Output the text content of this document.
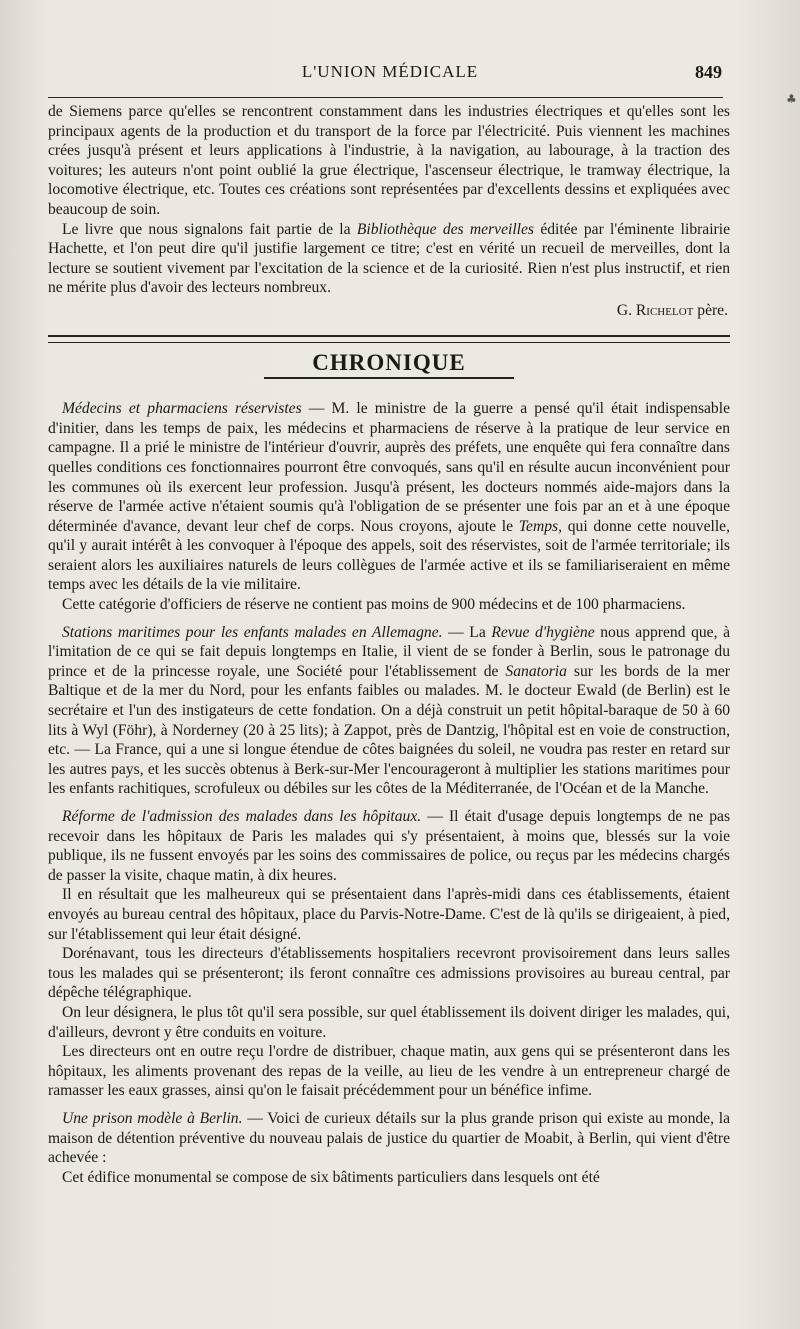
L'UNION MÉDICALE	849
♣

de Siemens parce qu'elles se rencontrent constamment dans les industries électriques et qu'elles sont les principaux agents de la production et du transport de la force par l'électricité. Puis viennent les machines crées jusqu'à présent et leurs applications à l'industrie, à la navigation, au labourage, à la traction des voitures; les auteurs n'ont point oublié la grue électrique, l'ascenseur électrique, le tramway électrique, la locomotive électrique, etc. Toutes ces créations sont représentées par d'excellents dessins et expliquées avec beaucoup de soin.

Le livre que nous signalons fait partie de la Bibliothèque des merveilles éditée par l'éminente librairie Hachette, et l'on peut dire qu'il justifie largement ce titre; c'est en vérité un recueil de merveilles, dont la lecture se soutient vivement par l'excitation de la science et de la curiosité. Rien n'est plus instructif, et rien ne mérite plus d'avoir des lecteurs nombreux.

G. Richelot père.

CHRONIQUE

Médecins et pharmaciens réservistes — M. le ministre de la guerre a pensé qu'il était indispensable d'initier, dans les temps de paix, les médecins et pharmaciens de réserve à la pratique de leur service en campagne. Il a prié le ministre de l'intérieur d'ouvrir, auprès des préfets, une enquête qui fera connaître dans quelles conditions ces fonctionnaires pourront être convoqués, sans qu'il en résulte aucun inconvénient pour les communes où ils exercent leur profession. Jusqu'à présent, les docteurs nommés aide-majors dans la réserve de l'armée active n'étaient soumis qu'à l'obligation de se présenter une fois par an et à une époque déterminée d'avance, devant leur chef de corps. Nous croyons, ajoute le Temps, qui donne cette nouvelle, qu'il y aurait intérêt à les convoquer à l'époque des appels, soit des réservistes, soit de l'armée territoriale; ils seraient alors les auxiliaires naturels de leurs collègues de l'armée active et ils se familiariseraient en même temps avec les détails de la vie militaire.

Cette catégorie d'officiers de réserve ne contient pas moins de 900 médecins et de 100 pharmaciens.

Stations maritimes pour les enfants malades en Allemagne. — La Revue d'hygiène nous apprend que, à l'imitation de ce qui se fait depuis longtemps en Italie, il vient de se fonder à Berlin, sous le patronage du prince et de la princesse royale, une Société pour l'établissement de Sanatoria sur les bords de la mer Baltique et de la mer du Nord, pour les enfants faibles ou malades. M. le docteur Ewald (de Berlin) est le secrétaire et l'un des instigateurs de cette fondation. On a déjà construit un petit hôpital-baraque de 50 à 60 lits à Wyl (Föhr), à Norderney (20 à 25 lits); à Zappot, près de Dantzig, l'hôpital est en voie de construction, etc. — La France, qui a une si longue étendue de côtes baignées du soleil, ne voudra pas rester en retard sur les autres pays, et les succès obtenus à Berk-sur-Mer l'encourageront à multiplier les stations maritimes pour les enfants rachitiques, scrofuleux ou débiles sur les côtes de la Méditerranée, de l'Océan et de la Manche.

Réforme de l'admission des malades dans les hôpitaux. — Il était d'usage depuis longtemps de ne pas recevoir dans les hôpitaux de Paris les malades qui s'y présentaient, à moins que, blessés sur la voie publique, ils ne fussent envoyés par les soins des commissaires de police, ou reçus par les médecins chargés de passer la visite, chaque matin, à dix heures.

Il en résultait que les malheureux qui se présentaient dans l'après-midi dans ces établissements, étaient envoyés au bureau central des hôpitaux, place du Parvis-Notre-Dame. C'est de là qu'ils se dirigeaient, à pied, sur l'établissement qui leur était désigné.

Dorénavant, tous les directeurs d'établissements hospitaliers recevront provisoirement dans leurs salles tous les malades qui se présenteront; ils feront connaître ces admissions provisoires au bureau central, par dépêche télégraphique.

On leur désignera, le plus tôt qu'il sera possible, sur quel établissement ils doivent diriger les malades, qui, d'ailleurs, devront y être conduits en voiture.

Les directeurs ont en outre reçu l'ordre de distribuer, chaque matin, aux gens qui se présenteront dans les hôpitaux, les aliments provenant des repas de la veille, au lieu de les vendre à un entrepreneur chargé de ramasser les eaux grasses, ainsi qu'on le faisait précédemment pour un bénéfice infime.

Une prison modèle à Berlin. — Voici de curieux détails sur la plus grande prison qui existe au monde, la maison de détention préventive du nouveau palais de justice du quartier de Moabit, à Berlin, qui vient d'être achevée :

Cet édifice monumental se compose de six bâtiments particuliers dans lesquels ont été
